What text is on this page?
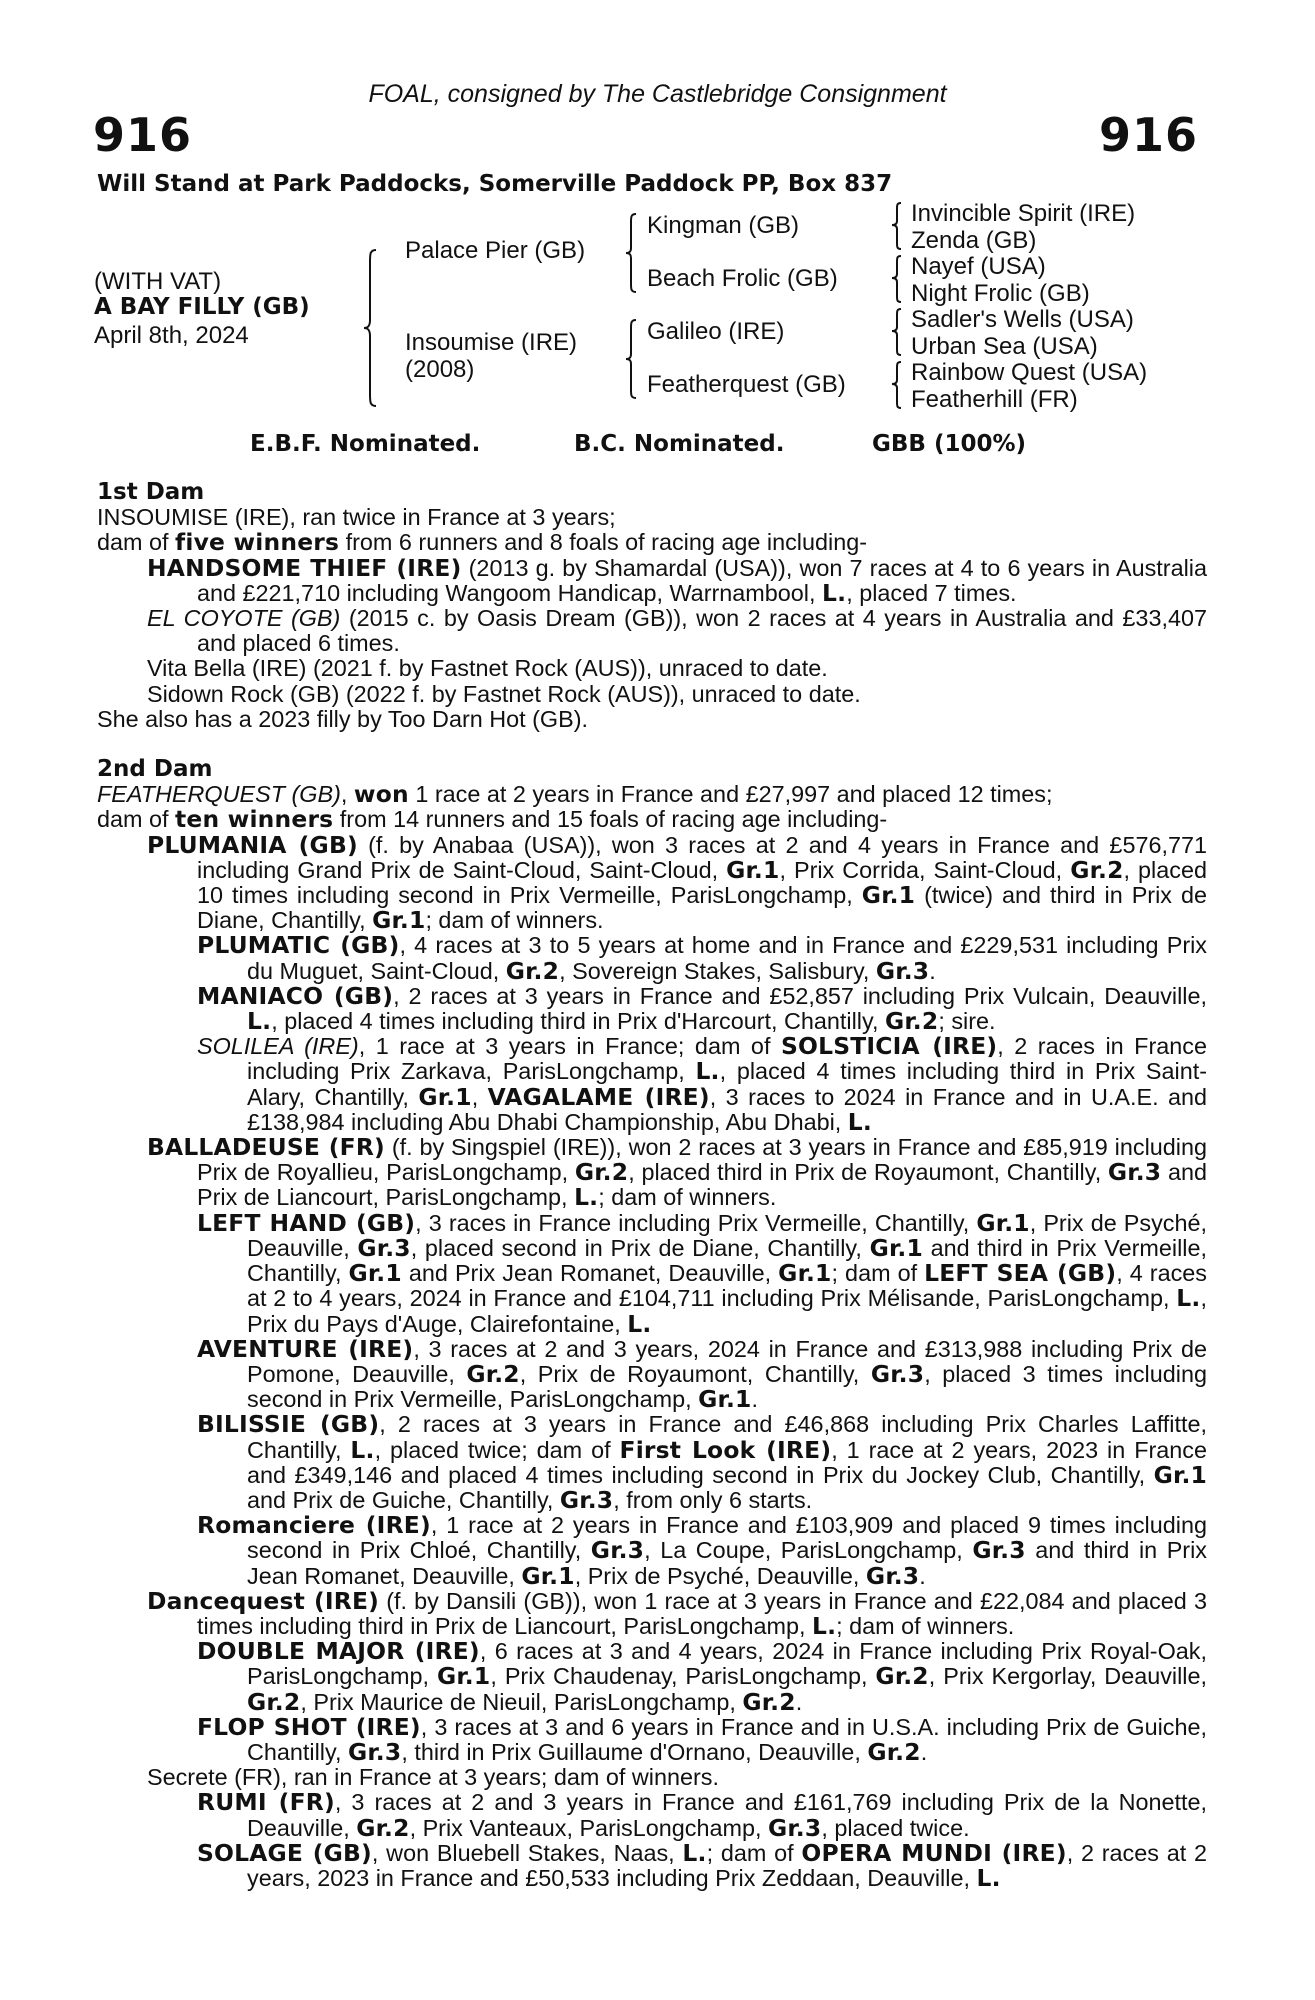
FOAL, consigned by The Castlebridge Consignment
916	916
Will Stand at Park Paddocks, Somerville Paddock PP, Box 837
(WITH VAT)
A BAY FILLY (GB)
April 8th, 2024
Palace Pier (GB)
Insoumise (IRE)
(2008)
Kingman (GB)
Beach Frolic (GB)
Galileo (IRE)
Featherquest (GB)
Invincible Spirit (IRE)
Zenda (GB)
Nayef (USA)
Night Frolic (GB)
Sadler's Wells (USA)
Urban Sea (USA)
Rainbow Quest (USA)
Featherhill (FR)
E.B.F. Nominated.	B.C. Nominated.	GBB (100%)
1st Dam

INSOUMISE (IRE), ran twice in France at 3 years;

dam of five winners from 6 runners and 8 foals of racing age including-

HANDSOME THIEF (IRE) (2013 g. by Shamardal (USA)), won 7 races at 4 to 6 years in Australia and £221,710 including Wangoom Handicap, Warrnambool, L., placed 7 times.

EL COYOTE (GB) (2015 c. by Oasis Dream (GB)), won 2 races at 4 years in Australia and £33,407 and placed 6 times.

Vita Bella (IRE) (2021 f. by Fastnet Rock (AUS)), unraced to date.

Sidown Rock (GB) (2022 f. by Fastnet Rock (AUS)), unraced to date.

She also has a 2023 filly by Too Darn Hot (GB).

2nd Dam

FEATHERQUEST (GB), won 1 race at 2 years in France and £27,997 and placed 12 times;

dam of ten winners from 14 runners and 15 foals of racing age including-

PLUMANIA (GB) (f. by Anabaa (USA)), won 3 races at 2 and 4 years in France and £576,771 including Grand Prix de Saint-Cloud, Saint-Cloud, Gr.1, Prix Corrida, Saint-Cloud, Gr.2, placed 10 times including second in Prix Vermeille, ParisLongchamp, Gr.1 (twice) and third in Prix de Diane, Chantilly, Gr.1; dam of winners.

PLUMATIC (GB), 4 races at 3 to 5 years at home and in France and £229,531 including Prix du Muguet, Saint-Cloud, Gr.2, Sovereign Stakes, Salisbury, Gr.3.

MANIACO (GB), 2 races at 3 years in France and £52,857 including Prix Vulcain, Deauville, L., placed 4 times including third in Prix d'Harcourt, Chantilly, Gr.2; sire.

SOLILEA (IRE), 1 race at 3 years in France; dam of SOLSTICIA (IRE), 2 races in France including Prix Zarkava, ParisLongchamp, L., placed 4 times including third in Prix Saint-Alary, Chantilly, Gr.1, VAGALAME (IRE), 3 races to 2024 in France and in U.A.E. and £138,984 including Abu Dhabi Championship, Abu Dhabi, L.

BALLADEUSE (FR) (f. by Singspiel (IRE)), won 2 races at 3 years in France and £85,919 including Prix de Royallieu, ParisLongchamp, Gr.2, placed third in Prix de Royaumont, Chantilly, Gr.3 and Prix de Liancourt, ParisLongchamp, L.; dam of winners.

LEFT HAND (GB), 3 races in France including Prix Vermeille, Chantilly, Gr.1, Prix de Psyché, Deauville, Gr.3, placed second in Prix de Diane, Chantilly, Gr.1 and third in Prix Vermeille, Chantilly, Gr.1 and Prix Jean Romanet, Deauville, Gr.1; dam of LEFT SEA (GB), 4 races at 2 to 4 years, 2024 in France and £104,711 including Prix Mélisande, ParisLongchamp, L., Prix du Pays d'Auge, Clairefontaine, L.

AVENTURE (IRE), 3 races at 2 and 3 years, 2024 in France and £313,988 including Prix de Pomone, Deauville, Gr.2, Prix de Royaumont, Chantilly, Gr.3, placed 3 times including second in Prix Vermeille, ParisLongchamp, Gr.1.

BILISSIE (GB), 2 races at 3 years in France and £46,868 including Prix Charles Laffitte, Chantilly, L., placed twice; dam of First Look (IRE), 1 race at 2 years, 2023 in France and £349,146 and placed 4 times including second in Prix du Jockey Club, Chantilly, Gr.1 and Prix de Guiche, Chantilly, Gr.3, from only 6 starts.

Romanciere (IRE), 1 race at 2 years in France and £103,909 and placed 9 times including second in Prix Chloé, Chantilly, Gr.3, La Coupe, ParisLongchamp, Gr.3 and third in Prix Jean Romanet, Deauville, Gr.1, Prix de Psyché, Deauville, Gr.3.

Dancequest (IRE) (f. by Dansili (GB)), won 1 race at 3 years in France and £22,084 and placed 3 times including third in Prix de Liancourt, ParisLongchamp, L.; dam of winners.

DOUBLE MAJOR (IRE), 6 races at 3 and 4 years, 2024 in France including Prix Royal-Oak, ParisLongchamp, Gr.1, Prix Chaudenay, ParisLongchamp, Gr.2, Prix Kergorlay, Deauville, Gr.2, Prix Maurice de Nieuil, ParisLongchamp, Gr.2.

FLOP SHOT (IRE), 3 races at 3 and 6 years in France and in U.S.A. including Prix de Guiche, Chantilly, Gr.3, third in Prix Guillaume d'Ornano, Deauville, Gr.2.

Secrete (FR), ran in France at 3 years; dam of winners.

RUMI (FR), 3 races at 2 and 3 years in France and £161,769 including Prix de la Nonette, Deauville, Gr.2, Prix Vanteaux, ParisLongchamp, Gr.3, placed twice.

SOLAGE (GB), won Bluebell Stakes, Naas, L.; dam of OPERA MUNDI (IRE), 2 races at 2 years, 2023 in France and £50,533 including Prix Zeddaan, Deauville, L.
